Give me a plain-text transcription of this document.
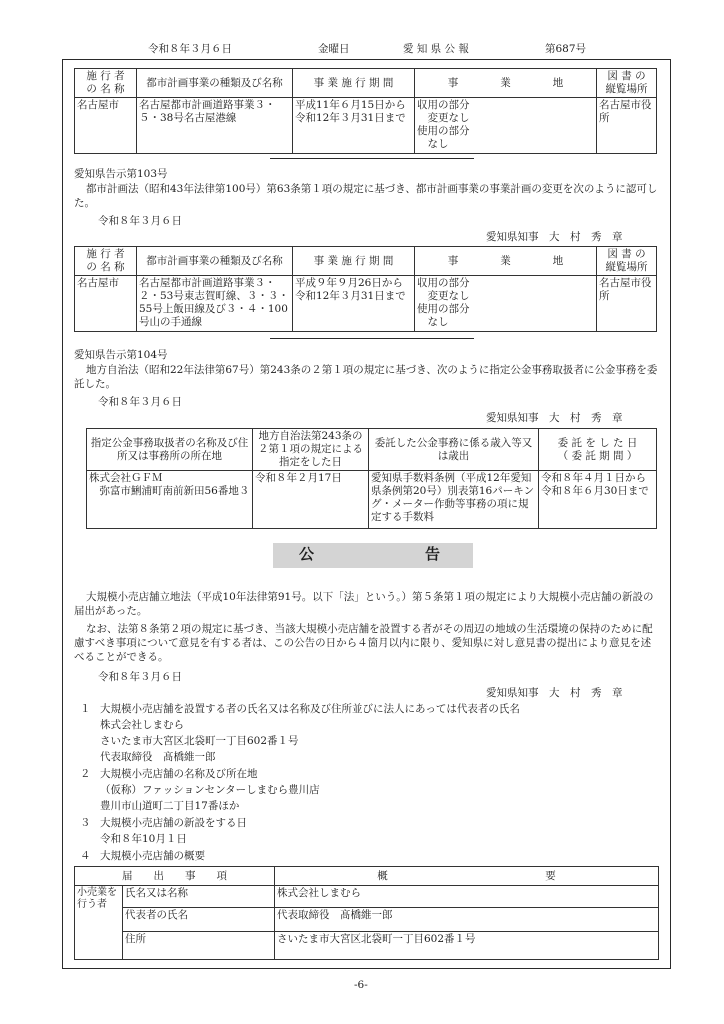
令和８年３月６日	金曜日	愛 知 県 公 報	第687号
施 行 者
の 名 称	都市計画事業の種類及び名称	事 業 施 行 期 間	事　　　　業　　　　地	図 書 の
縦覧場所
名古屋市	名古屋都市計画道路事業３・５・38号名古屋港線	平成11年６月15日から令和12年３月31日まで	収用の部分
　変更なし
使用の部分
　なし	名古屋市役所
愛知県告示第103号
都市計画法（昭和43年法律第100号）第63条第１項の規定に基づき、都市計画事業の事業計画の変更を次のように認可した。
令和８年３月６日
愛知県知事　大　村　秀　章
施 行 者
の 名 称	都市計画事業の種類及び名称	事 業 施 行 期 間	事　　　　業　　　　地	図 書 の
縦覧場所
名古屋市	名古屋都市計画道路事業３・２・53号東志賀町線、３・３・55号上飯田線及び３・４・100号山の手通線	平成９年９月26日から令和12年３月31日まで	収用の部分
　変更なし
使用の部分
　なし	名古屋市役所
愛知県告示第104号
地方自治法（昭和22年法律第67号）第243条の２第１項の規定に基づき、次のように指定公金事務取扱者に公金事務を委託した。
令和８年３月６日
愛知県知事　大　村　秀　章
指定公金事務取扱者の名称及び住所又は事務所の所在地	地方自治法第243条の２第１項の規定による指定をした日	委託した公金事務に係る歳入等又は歳出	委 託 を し た 日
（ 委 託 期 間 ）
株式会社ＧＦＭ
　弥富市鯏浦町南前新田56番地３	令和８年２月17日	愛知県手数料条例（平成12年愛知県条例第20号）別表第16パーキング・メーター作動等事務の項に規定する手数料	令和８年４月１日から令和８年６月30日まで
公	告
大規模小売店舗立地法（平成10年法律第91号。以下「法」という。）第５条第１項の規定により大規模小売店舗の新設の届出があった。
なお、法第８条第２項の規定に基づき、当該大規模小売店舗を設置する者がその周辺の地域の生活環境の保持のために配慮すべき事項について意見を有する者は、この公告の日から４箇月以内に限り、愛知県に対し意見書の提出により意見を述べることができる。
令和８年３月６日
愛知県知事　大　村　秀　章
１ 大規模小売店舗を設置する者の氏名又は名称及び住所並びに法人にあっては代表者の氏名
株式会社しまむら
さいたま市大宮区北袋町一丁目602番１号
代表取締役　髙橋維一郎
２ 大規模小売店舗の名称及び所在地
（仮称）ファッションセンターしまむら豊川店
豊川市山道町二丁目17番ほか
３ 大規模小売店舗の新設をする日
令和８年10月１日
４ 大規模小売店舗の概要
届　　出　　事　　項		概　　　　　　　　　　　　　　　要
小売業を行う者	氏名又は名称	株式会社しまむら
	代表者の氏名	代表取締役　髙橋維一郎
	住所	さいたま市大宮区北袋町一丁目602番１号
-6-
